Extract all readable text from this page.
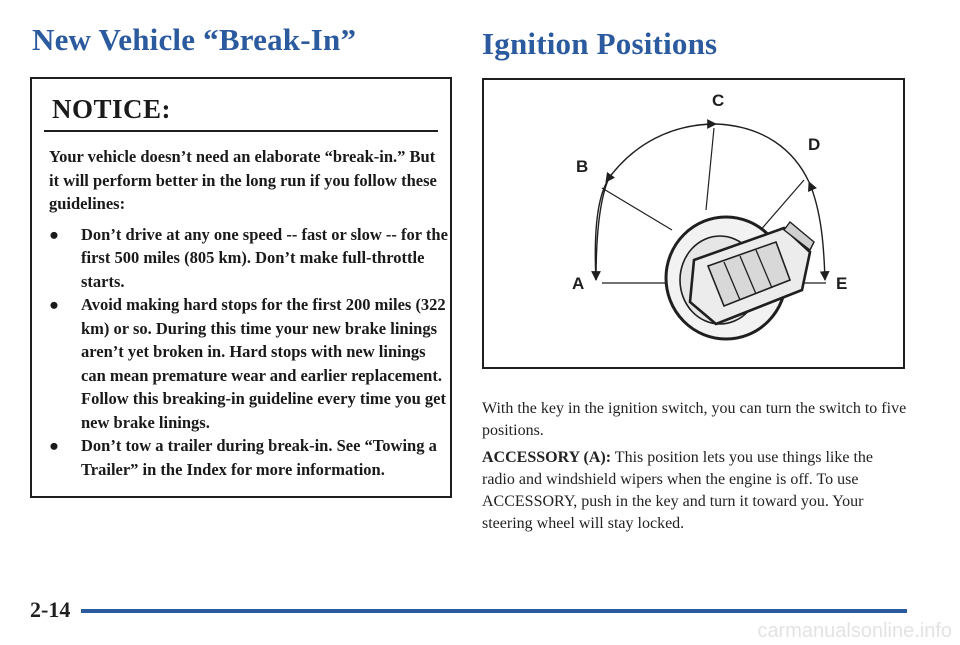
New Vehicle “Break-In”	Ignition Positions
NOTICE:

Your vehicle doesn’t need an elaborate “break-in.” But it will perform better in the long run if you follow these guidelines:

● Don’t drive at any one speed -- fast or slow -- for the first 500 miles (805 km). Don’t make full-throttle starts.
● Avoid making hard stops for the first 200 miles (322 km) or so. During this time your new brake linings aren’t yet broken in. Hard stops with new linings can mean premature wear and earlier replacement. Follow this breaking-in guideline every time you get new brake linings.
● Don’t tow a trailer during break-in. See “Towing a Trailer” in the Index for more information.
A
B
C
D
E

With the key in the ignition switch, you can turn the switch to five positions.

ACCESSORY (A): This position lets you use things like the radio and windshield wipers when the engine is off. To use ACCESSORY, push in the key and turn it toward you. Your steering wheel will stay locked.

2-14
carmanualsonline.info
